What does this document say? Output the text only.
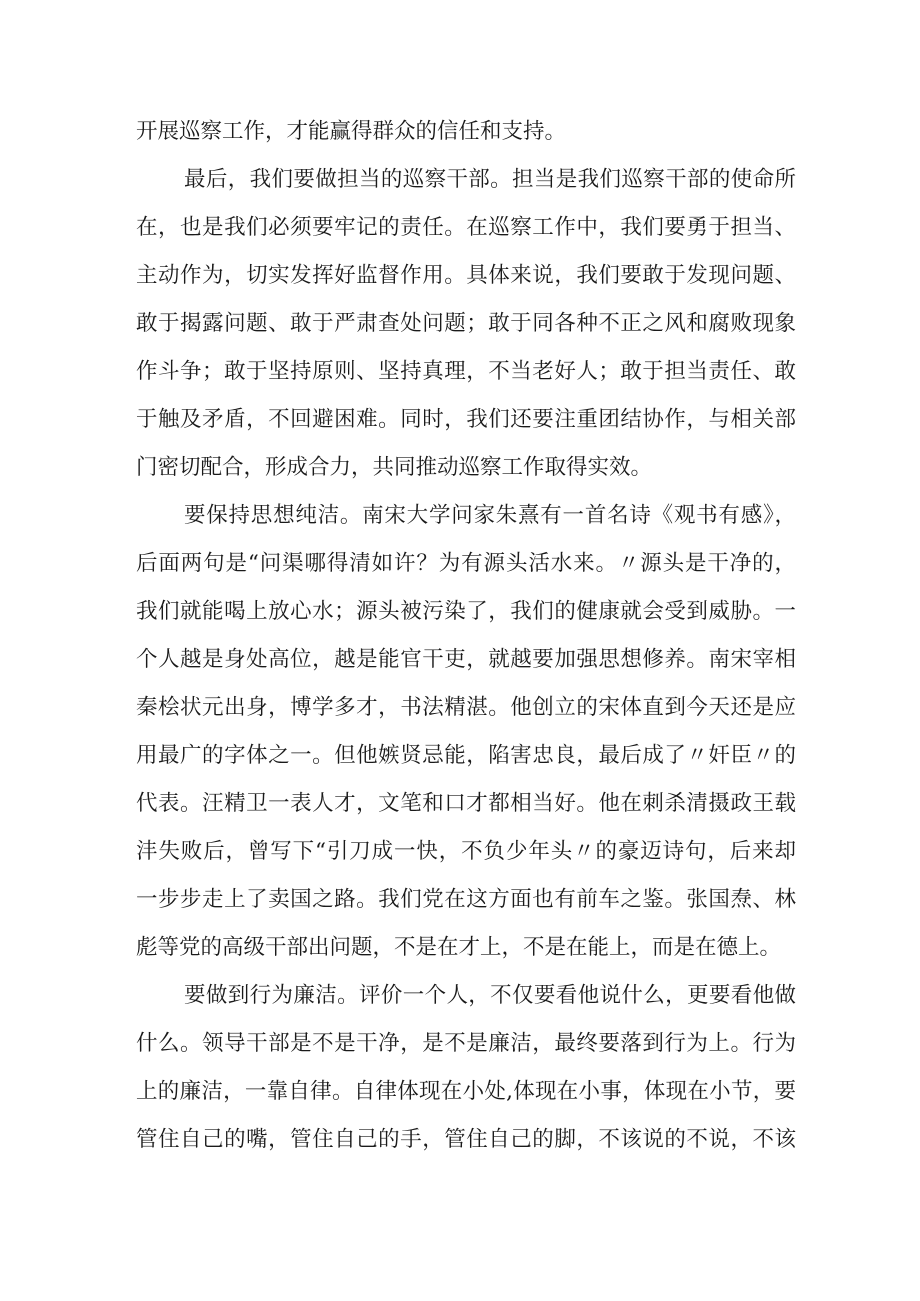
开展巡察工作，才能赢得群众的信任和支持。
最后，我们要做担当的巡察干部。担当是我们巡察干部的使命所
在，也是我们必须要牢记的责任。在巡察工作中，我们要勇于担当、
主动作为，切实发挥好监督作用。具体来说，我们要敢于发现问题、
敢于揭露问题、敢于严肃查处问题；敢于同各种不正之风和腐败现象
作斗争；敢于坚持原则、坚持真理，不当老好人；敢于担当责任、敢
于触及矛盾，不回避困难。同时，我们还要注重团结协作，与相关部
门密切配合，形成合力，共同推动巡察工作取得实效。
要保持思想纯洁。南宋大学问家朱熹有一首名诗《观书有感》，
后面两句是“问渠哪得清如许？为有源头活水来。〃源头是干净的，
我们就能喝上放心水；源头被污染了，我们的健康就会受到威胁。一
个人越是身处高位，越是能官干吏，就越要加强思想修养。南宋宰相
秦桧状元出身，博学多才，书法精湛。他创立的宋体直到今天还是应
用最广的字体之一。但他嫉贤忌能，陷害忠良，最后成了〃奸臣〃的
代表。汪精卫一表人才，文笔和口才都相当好。他在刺杀清摄政王载
沣失败后，曾写下“引刀成一快，不负少年头〃的豪迈诗句，后来却
一步步走上了卖国之路。我们党在这方面也有前车之鉴。张国焘、林
彪等党的高级干部出问题，不是在才上，不是在能上，而是在德上。
要做到行为廉洁。评价一个人，不仅要看他说什么，更要看他做
什么。领导干部是不是干净，是不是廉洁，最终要落到行为上。行为
上的廉洁，一靠自律。自律体现在小处,体现在小事，体现在小节，要
管住自己的嘴，管住自己的手，管住自己的脚，不该说的不说，不该
